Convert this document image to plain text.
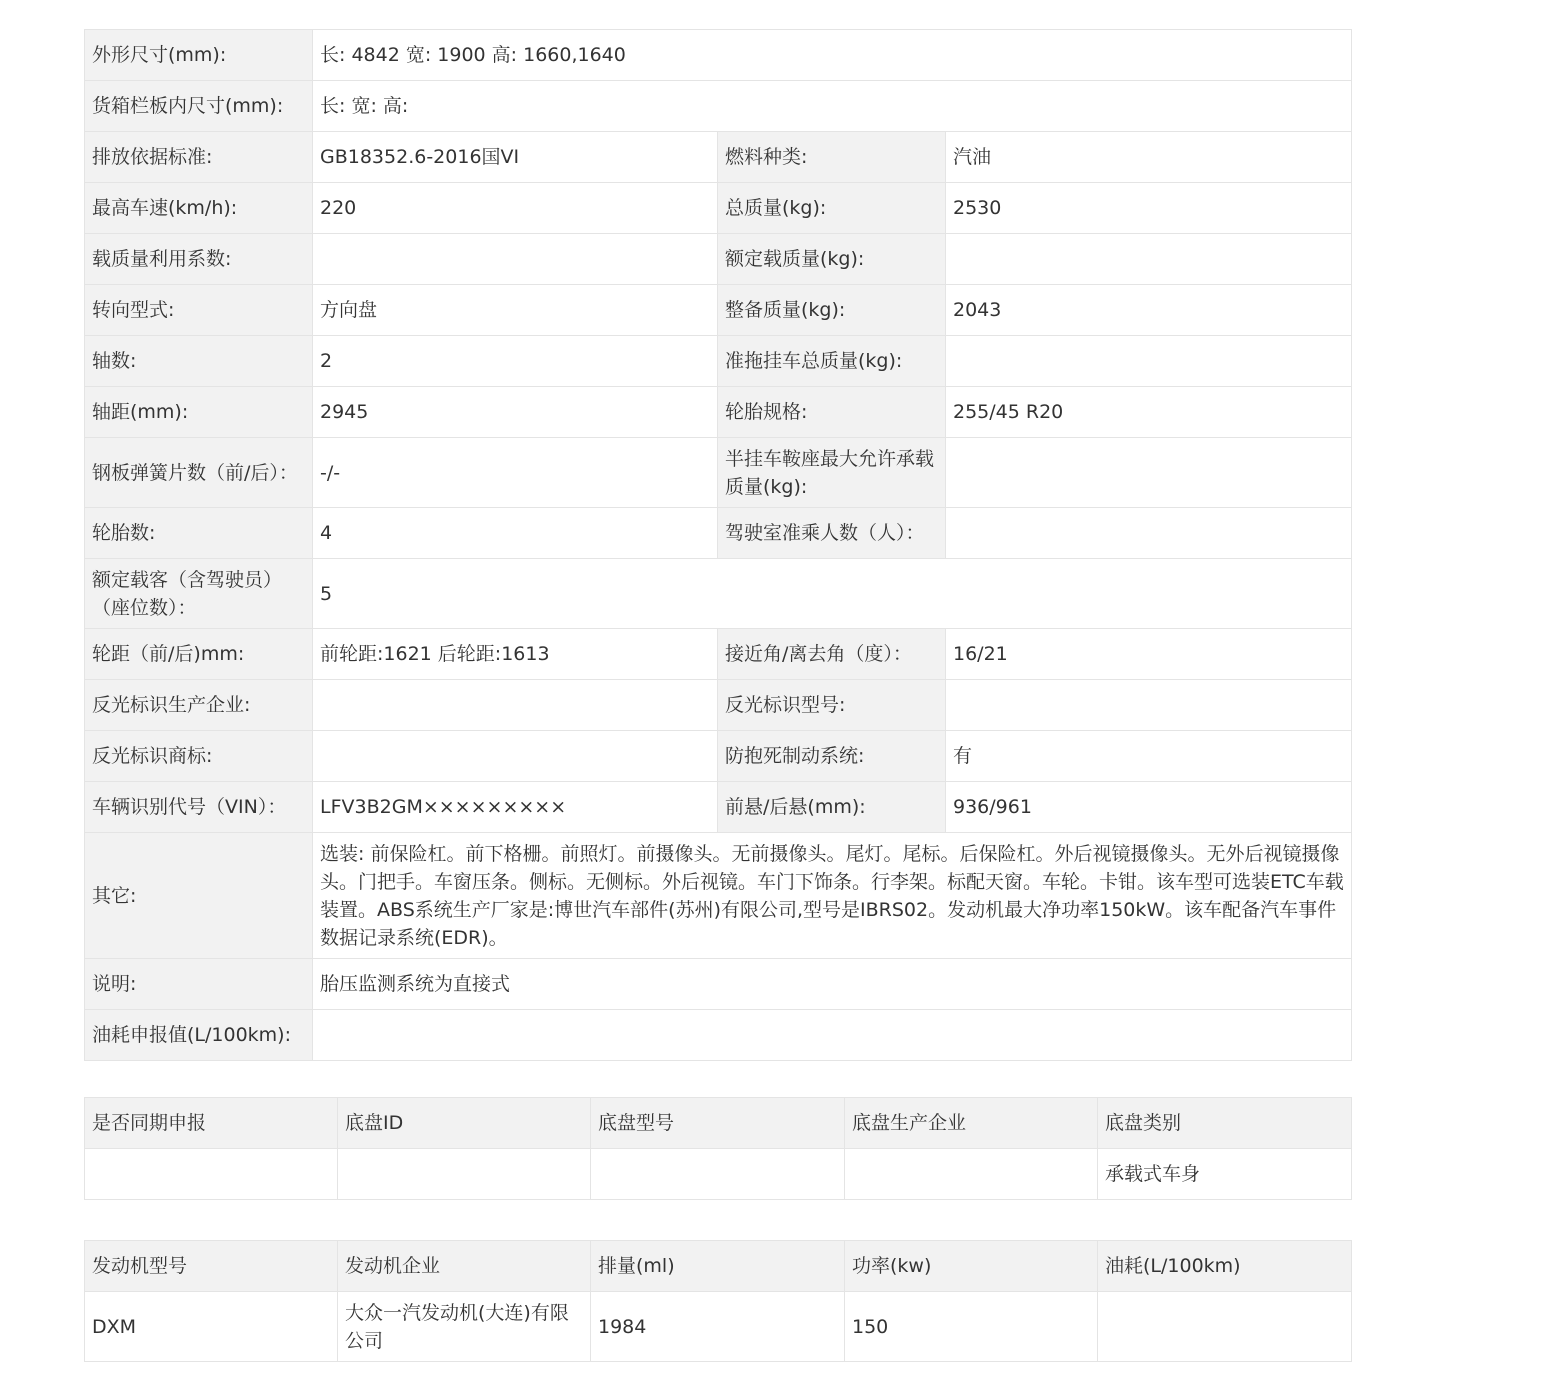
外形尺寸(mm):	长: 4842 宽: 1900 高: 1660,1640		
货箱栏板内尺寸(mm):	长: 宽: 高:		
排放依据标准:	GB18352.6-2016国VI	燃料种类:	汽油
最高车速(km/h):	220	总质量(kg):	2530
载质量利用系数:		额定载质量(kg):	
转向型式:	方向盘	整备质量(kg):	2043
轴数:	2	准拖挂车总质量(kg):	
轴距(mm):	2945	轮胎规格:	255/45 R20
钢板弹簧片数（前/后）：	-/-	半挂车鞍座最大允许承载质量(kg):	
轮胎数:	4	驾驶室准乘人数（人）：	
额定载客（含驾驶员）（座位数）：	5		
轮距（前/后)mm:	前轮距:1621 后轮距:1613	接近角/离去角（度）：	16/21
反光标识生产企业:		反光标识型号:	
反光标识商标:		防抱死制动系统:	有
车辆识别代号（VIN）：	LFV3B2GM×××××××××	前悬/后悬(mm):	936/961
其它:	选装: 前保险杠。前下格栅。前照灯。前摄像头。无前摄像头。尾灯。尾标。后保险杠。外后视镜摄像头。无外后视镜摄像头。门把手。车窗压条。侧标。无侧标。外后视镜。车门下饰条。行李架。标配天窗。车轮。卡钳。该车型可选装ETC车载装置。ABS系统生产厂家是:博世汽车部件(苏州)有限公司,型号是IBRS02。发动机最大净功率150kW。该车配备汽车事件数据记录系统(EDR)。		
说明:	胎压监测系统为直接式		
油耗申报值(L/100km):			
是否同期申报	底盘ID	底盘型号	底盘生产企业	底盘类别
				承载式车身
发动机型号	发动机企业	排量(ml)	功率(kw)	油耗(L/100km)
DXM	大众一汽发动机(大连)有限公司	1984	150	
